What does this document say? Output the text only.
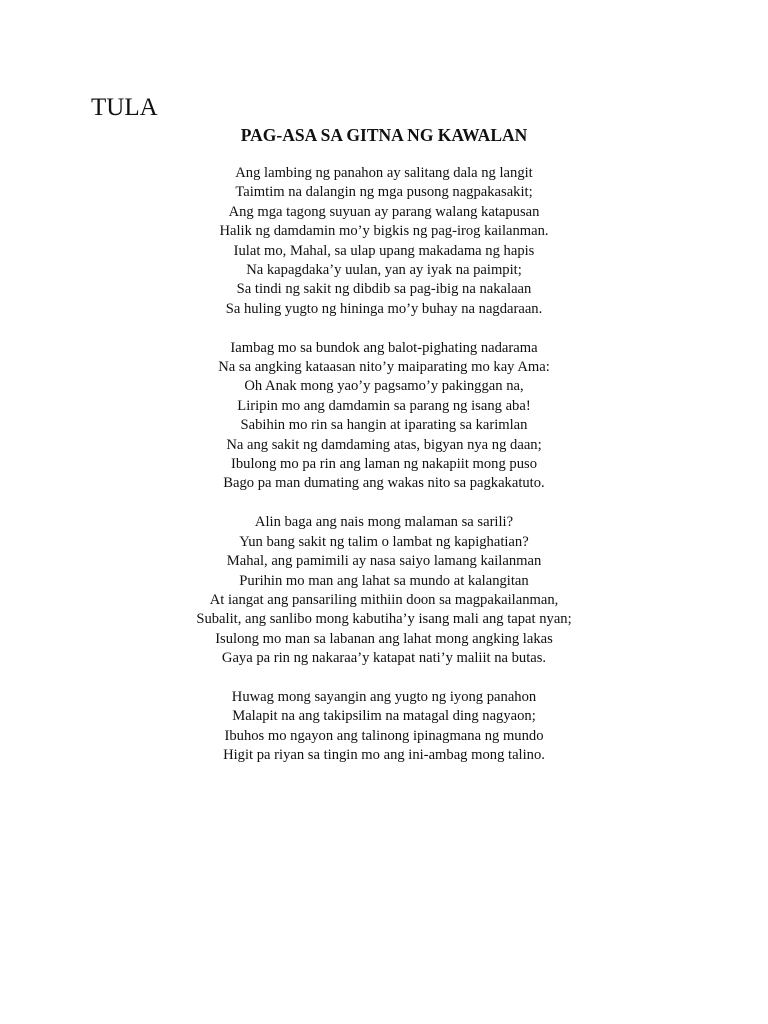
TULA
PAG-ASA SA GITNA NG KAWALAN
Ang lambing ng panahon ay salitang dala ng langit
Taimtim na dalangin ng mga pusong nagpakasakit;
Ang mga tagong suyuan ay parang walang katapusan
Halik ng damdamin mo’y bigkis ng pag-irog kailanman.
Iulat mo, Mahal, sa ulap upang makadama ng hapis
Na kapagdaka’y uulan, yan ay iyak na paimpit;
Sa tindi ng sakit ng dibdib sa pag-ibig na nakalaan
Sa huling yugto ng hininga mo’y buhay na nagdaraan.
Iambag mo sa bundok ang balot-pighating nadarama
Na sa angking kataasan nito’y maiparating mo kay Ama:
Oh Anak mong yao’y pagsamo’y pakinggan na,
Liripin mo ang damdamin sa parang ng isang aba!
Sabihin mo rin sa hangin at iparating sa karimlan
Na ang sakit ng damdaming atas, bigyan nya ng daan;
Ibulong mo pa rin ang laman ng nakapiit mong puso
Bago pa man dumating ang wakas nito sa pagkakatuto.
Alin baga ang nais mong malaman sa sarili?
Yun bang sakit ng talim o lambat ng kapighatian?
Mahal, ang pamimili ay nasa saiyo lamang kailanman
Purihin mo man ang lahat sa mundo at kalangitan
At iangat ang pansariling mithiin doon sa magpakailanman,
Subalit, ang sanlibo mong kabutiha’y isang mali ang tapat nyan;
Isulong mo man sa labanan ang lahat mong angking lakas
Gaya pa rin ng nakaraa’y katapat nati’y maliit na butas.
Huwag mong sayangin ang yugto ng iyong panahon
Malapit na ang takipsilim na matagal ding nagyaon;
Ibuhos mo ngayon ang talinong ipinagmana ng mundo
Higit pa riyan sa tingin mo ang ini-ambag mong talino.
